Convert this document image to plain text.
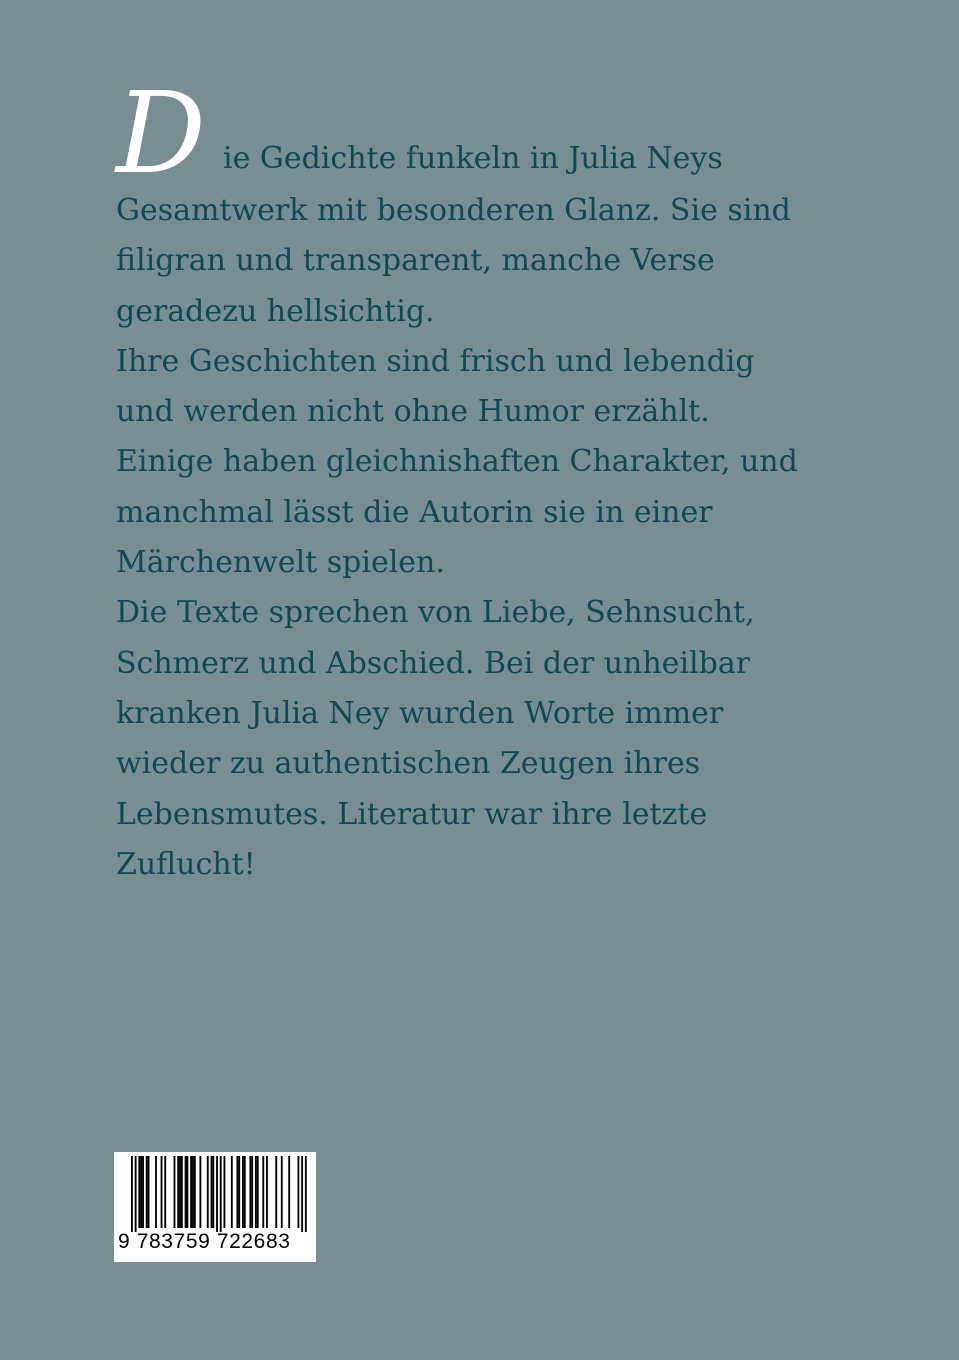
D ie Gedichte funkeln in Julia Neys
Gesamtwerk mit besonderen Glanz. Sie sind
filigran und transparent, manche Verse
geradezu hellsichtig.
Ihre Geschichten sind frisch und lebendig
und werden nicht ohne Humor erzählt.
Einige haben gleichnishaften Charakter, und
manchmal lässt die Autorin sie in einer
Märchenwelt spielen.
Die Texte sprechen von Liebe, Sehnsucht,
Schmerz und Abschied. Bei der unheilbar
kranken Julia Ney wurden Worte immer
wieder zu authentischen Zeugen ihres
Lebensmutes. Literatur war ihre letzte
Zuflucht!
9 783759 722683
